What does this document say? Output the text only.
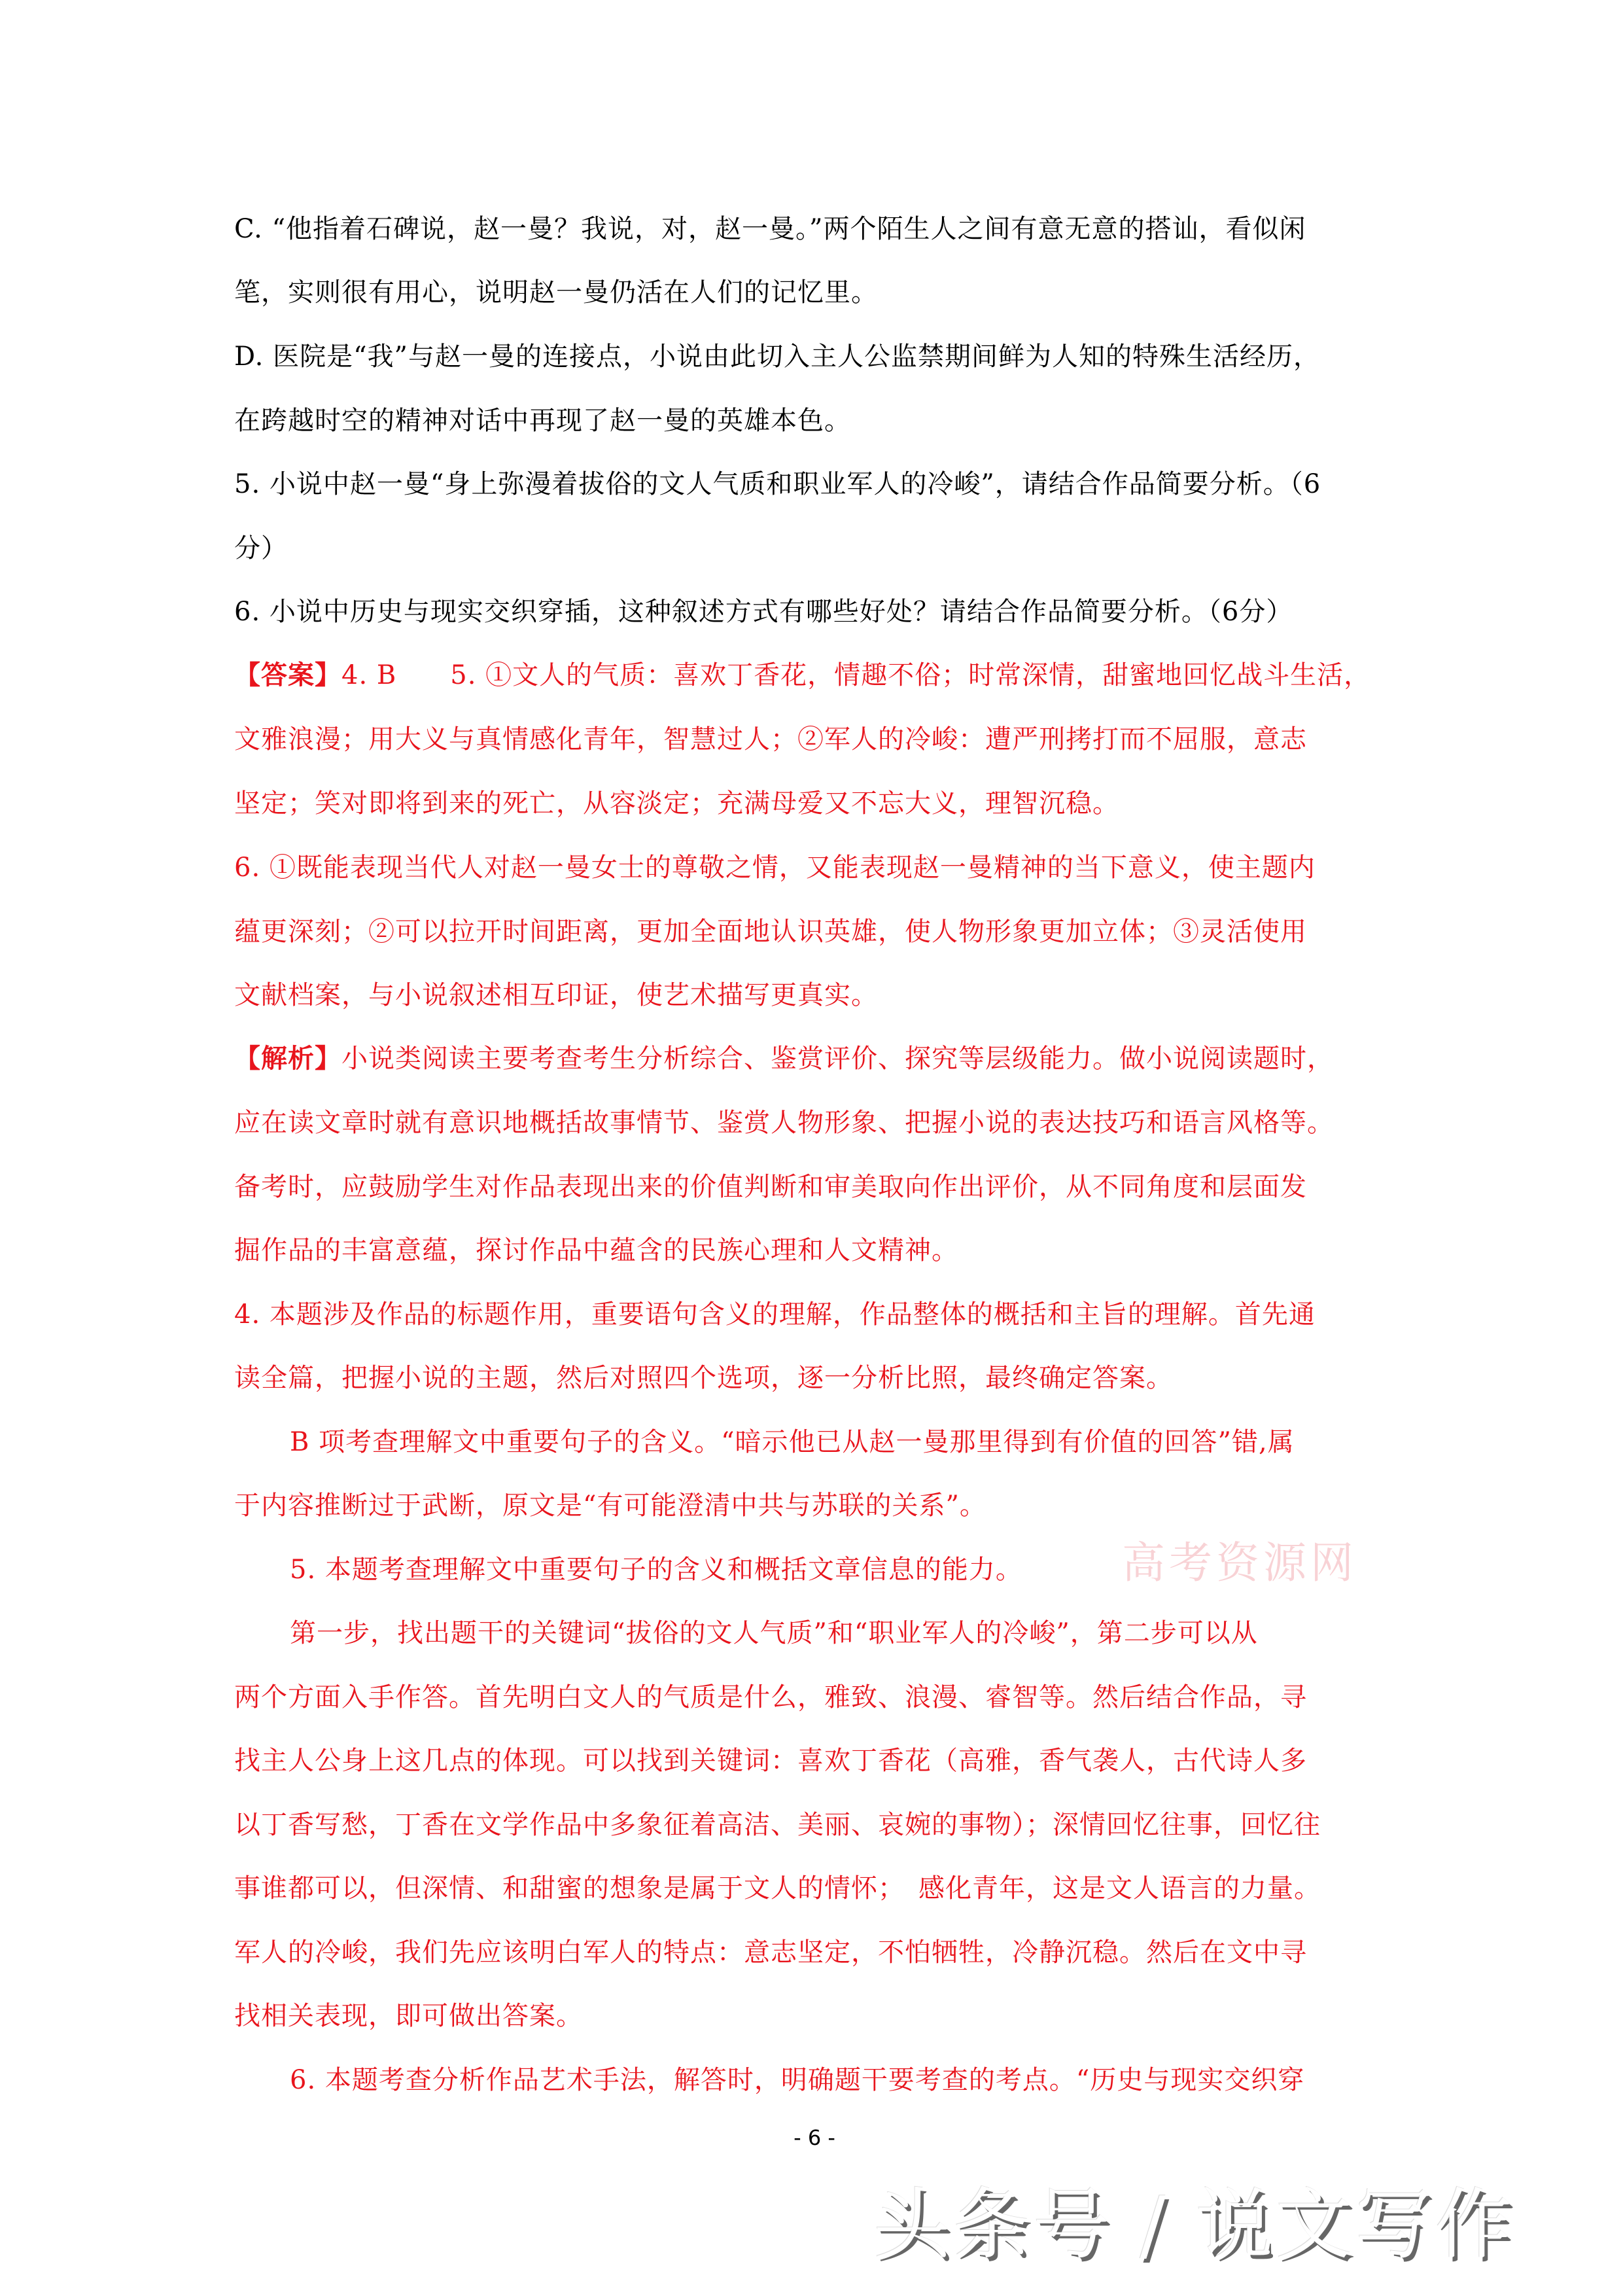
C. “他指着石碑说，赵一曼？我说，对，赵一曼。”两个陌生人之间有意无意的搭讪，看似闲
笔，实则很有用心，说明赵一曼仍活在人们的记忆里。
D. 医院是“我”与赵一曼的连接点，小说由此切入主人公监禁期间鲜为人知的特殊生活经历，
在跨越时空的精神对话中再现了赵一曼的英雄本色。
5. 小说中赵一曼“身上弥漫着拔俗的文人气质和职业军人的冷峻”，请结合作品简要分析。（6
分）
6. 小说中历史与现实交织穿插，这种叙述方式有哪些好处？请结合作品简要分析。（6分）
【答案】4. B　　5. ①文人的气质：喜欢丁香花，情趣不俗；时常深情，甜蜜地回忆战斗生活，
文雅浪漫；用大义与真情感化青年，智慧过人；②军人的冷峻：遭严刑拷打而不屈服，意志
坚定；笑对即将到来的死亡，从容淡定；充满母爱又不忘大义，理智沉稳。
6. ①既能表现当代人对赵一曼女士的尊敬之情，又能表现赵一曼精神的当下意义，使主题内
蕴更深刻；②可以拉开时间距离，更加全面地认识英雄，使人物形象更加立体；③灵活使用
文献档案，与小说叙述相互印证，使艺术描写更真实。
【解析】小说类阅读主要考查考生分析综合、鉴赏评价、探究等层级能力。做小说阅读题时，
应在读文章时就有意识地概括故事情节、鉴赏人物形象、把握小说的表达技巧和语言风格等。
备考时，应鼓励学生对作品表现出来的价值判断和审美取向作出评价，从不同角度和层面发
掘作品的丰富意蕴，探讨作品中蕴含的民族心理和人文精神。
4. 本题涉及作品的标题作用，重要语句含义的理解，作品整体的概括和主旨的理解。首先通
读全篇，把握小说的主题，然后对照四个选项，逐一分析比照，最终确定答案。
B 项考查理解文中重要句子的含义。“暗示他已从赵一曼那里得到有价值的回答”错,属
于内容推断过于武断，原文是“有可能澄清中共与苏联的关系”。
5. 本题考查理解文中重要句子的含义和概括文章信息的能力。
第一步，找出题干的关键词“拔俗的文人气质”和“职业军人的冷峻”，第二步可以从
两个方面入手作答。首先明白文人的气质是什么，雅致、浪漫、睿智等。然后结合作品，寻
找主人公身上这几点的体现。可以找到关键词：喜欢丁香花（高雅，香气袭人，古代诗人多
以丁香写愁，丁香在文学作品中多象征着高洁、美丽、哀婉的事物）；深情回忆往事，回忆往
事谁都可以，但深情、和甜蜜的想象是属于文人的情怀；　感化青年，这是文人语言的力量。
军人的冷峻，我们先应该明白军人的特点：意志坚定，不怕牺牲，冷静沉稳。然后在文中寻
找相关表现，即可做出答案。
6. 本题考查分析作品艺术手法，解答时，明确题干要考查的考点。“历史与现实交织穿
高考资源网
- 6 -
头条号 / 说文写作
